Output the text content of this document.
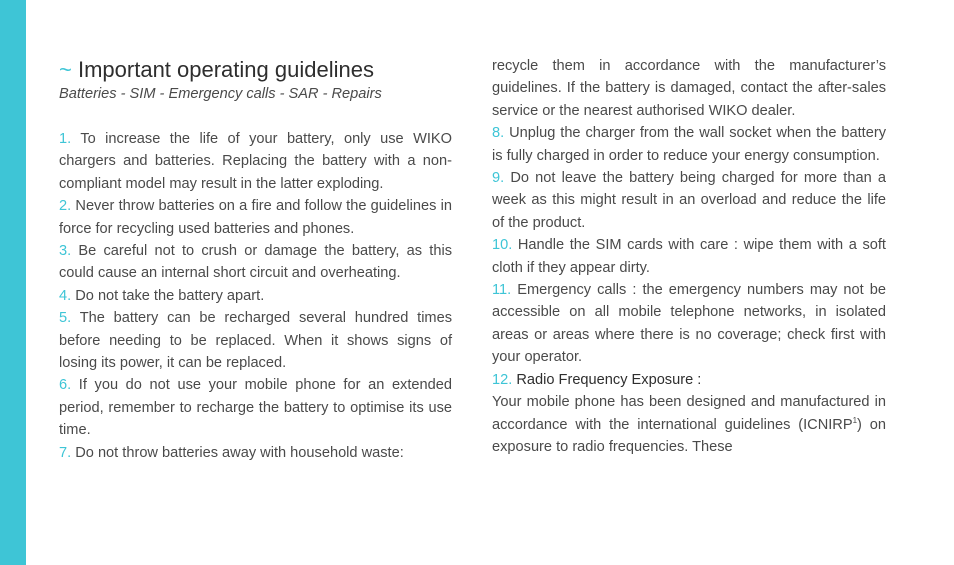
~ Important operating guidelines

Batteries - SIM - Emergency calls - SAR - Repairs

1. To increase the life of your battery, only use WIKO chargers and batteries. Replacing the battery with a non-compliant model may result in the latter exploding.

2. Never throw batteries on a fire and follow the guidelines in force for recycling used batteries and phones.

3. Be careful not to crush or damage the battery, as this could cause an internal short circuit and overheating.

4. Do not take the battery apart.

5. The battery can be recharged several hundred times before needing to be replaced. When it shows signs of losing its power, it can be replaced.

6. If you do not use your mobile phone for an extended period, remember to recharge the battery to optimise its use time.

7. Do not throw batteries away with household waste:

recycle them in accordance with the manufacturer’s guidelines. If the battery is damaged, contact the after-sales service or the nearest authorised WIKO dealer.

8. Unplug the charger from the wall socket when the battery is fully charged in order to reduce your energy consumption.

9. Do not leave the battery being charged for more than a week as this might result in an overload and reduce the life of the product.

10. Handle the SIM cards with care : wipe them with a soft cloth if they appear dirty.

11. Emergency calls : the emergency numbers may not be accessible on all mobile telephone networks, in isolated areas or areas where there is no coverage; check first with your operator.

12. Radio Frequency Exposure :

Your mobile phone has been designed and manufactured in accordance with the international guidelines (ICNIRP$^1$) on exposure to radio frequencies. These
